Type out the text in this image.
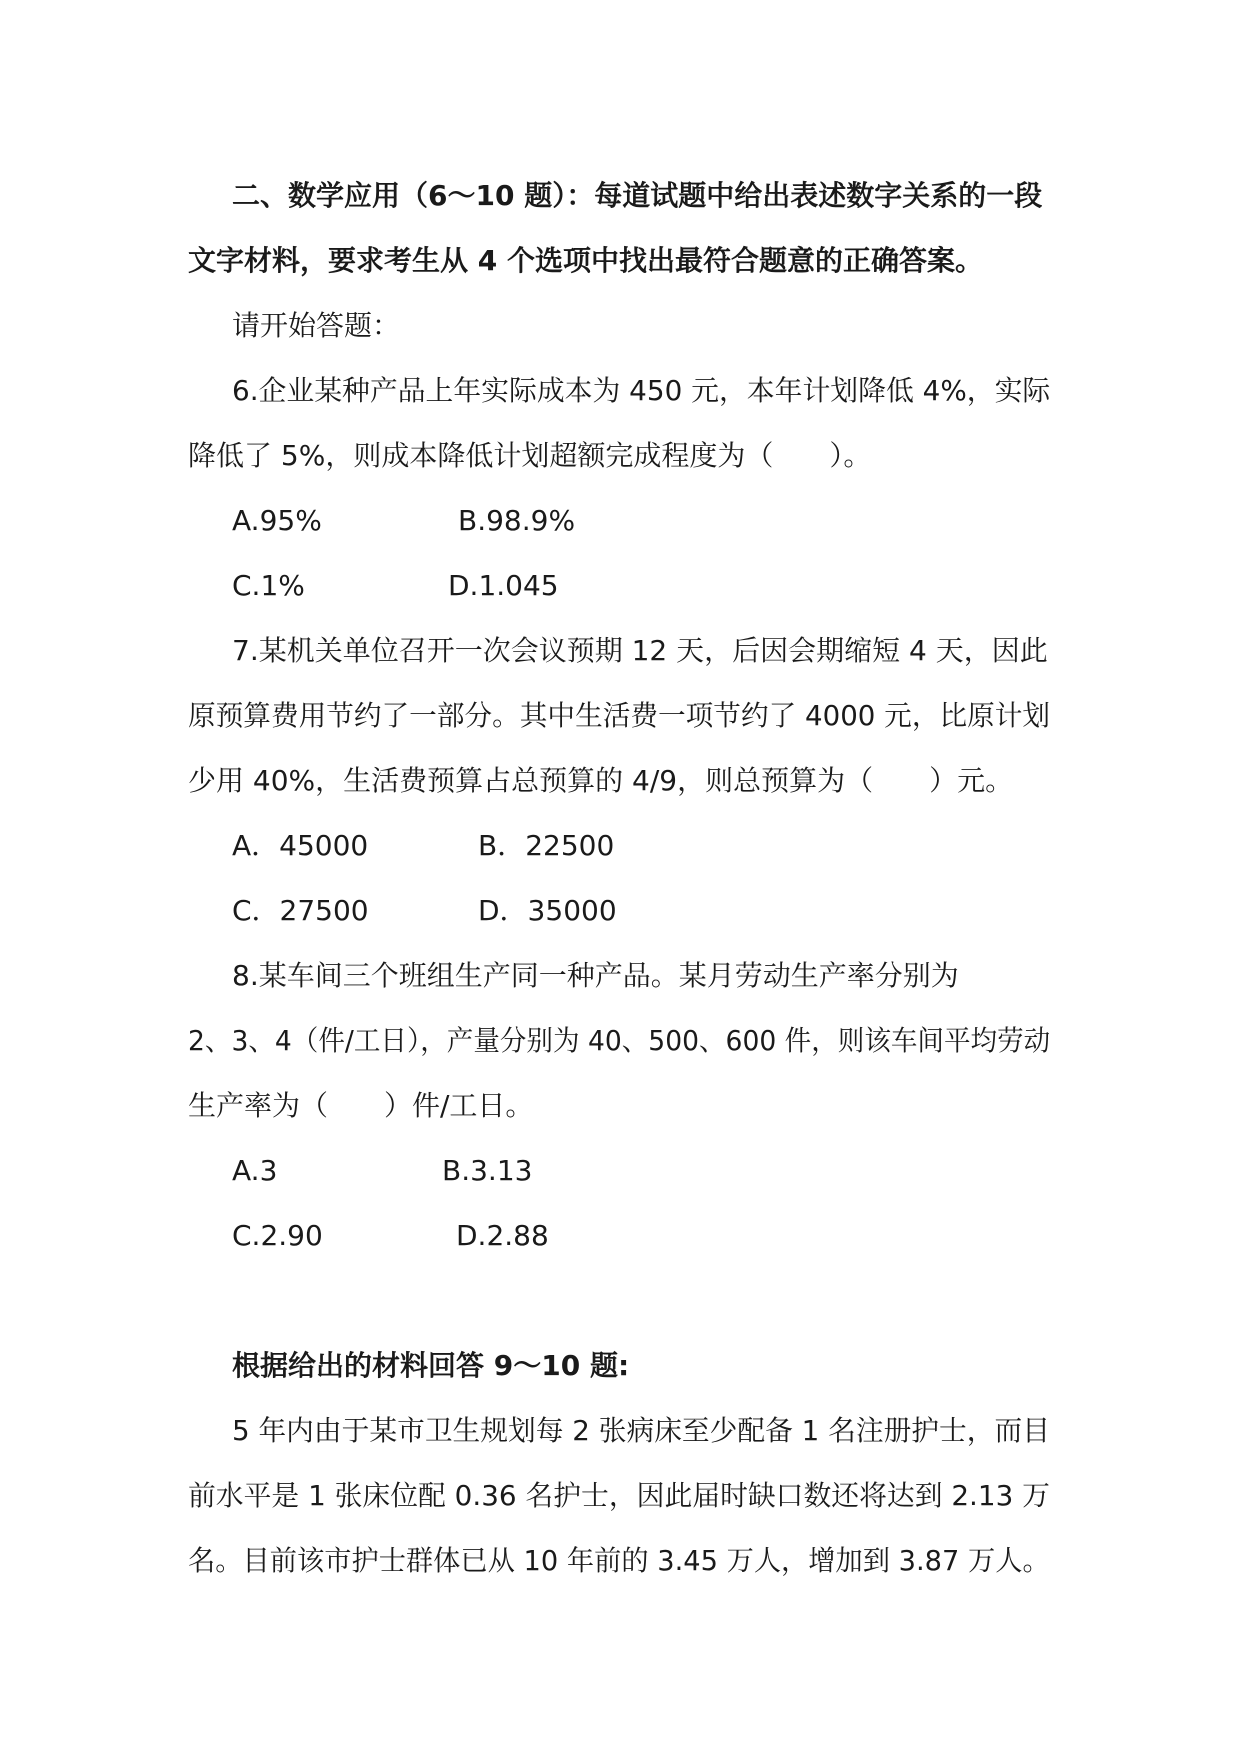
二、数学应用（6～10 题）：每道试题中给出表述数字关系的一段
文字材料，要求考生从 4 个选项中找出最符合题意的正确答案。
请开始答题：
6.企业某种产品上年实际成本为 450 元，本年计划降低 4%，实际
降低了 5%，则成本降低计划超额完成程度为（　　）。
A.95%	B.98.9%
C.1%	D.1.045
7.某机关单位召开一次会议预期 12 天，后因会期缩短 4 天，因此
原预算费用节约了一部分。其中生活费一项节约了 4000 元，比原计划
少用 40%，生活费预算占总预算的 4/9，则总预算为（　　）元。
A．45000	B．22500
C．27500	D．35000
8.某车间三个班组生产同一种产品。某月劳动生产率分别为
2、3、4（件/工日），产量分别为 40、500、600 件，则该车间平均劳动
生产率为（　　）件/工日。
A.3	B.3.13
C.2.90	D.2.88
根据给出的材料回答 9～10 题:
5 年内由于某市卫生规划每 2 张病床至少配备 1 名注册护士，而目
前水平是 1 张床位配 0.36 名护士，因此届时缺口数还将达到 2.13 万
名。目前该市护士群体已从 10 年前的 3.45 万人，增加到 3.87 万人。
